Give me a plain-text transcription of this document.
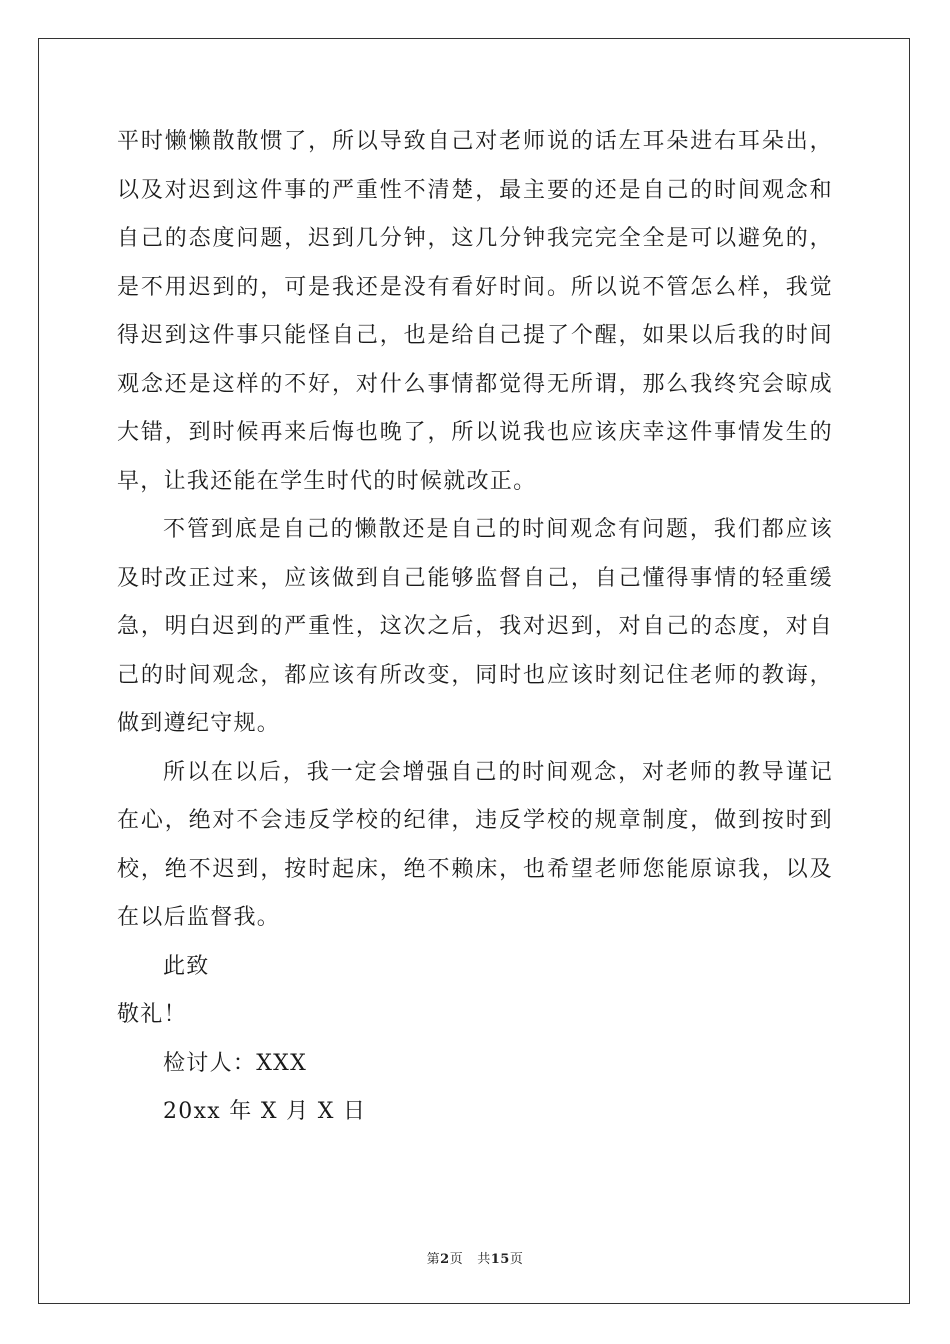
平时懒懒散散惯了，所以导致自己对老师说的话左耳朵进右耳朵出，以及对迟到这件事的严重性不清楚，最主要的还是自己的时间观念和自己的态度问题，迟到几分钟，这几分钟我完完全全是可以避免的，是不用迟到的，可是我还是没有看好时间。所以说不管怎么样，我觉得迟到这件事只能怪自己，也是给自己提了个醒，如果以后我的时间观念还是这样的不好，对什么事情都觉得无所谓，那么我终究会晾成大错，到时候再来后悔也晚了，所以说我也应该庆幸这件事情发生的早，让我还能在学生时代的时候就改正。

不管到底是自己的懒散还是自己的时间观念有问题，我们都应该及时改正过来，应该做到自己能够监督自己，自己懂得事情的轻重缓急，明白迟到的严重性，这次之后，我对迟到，对自己的态度，对自己的时间观念，都应该有所改变，同时也应该时刻记住老师的教诲，做到遵纪守规。

所以在以后，我一定会增强自己的时间观念，对老师的教导谨记在心，绝对不会违反学校的纪律，违反学校的规章制度，做到按时到校，绝不迟到，按时起床，绝不赖床，也希望老师您能原谅我，以及在以后监督我。

此致

敬礼！

检讨人：XXX

20xx 年 X 月 X 日

第2页 共15页
